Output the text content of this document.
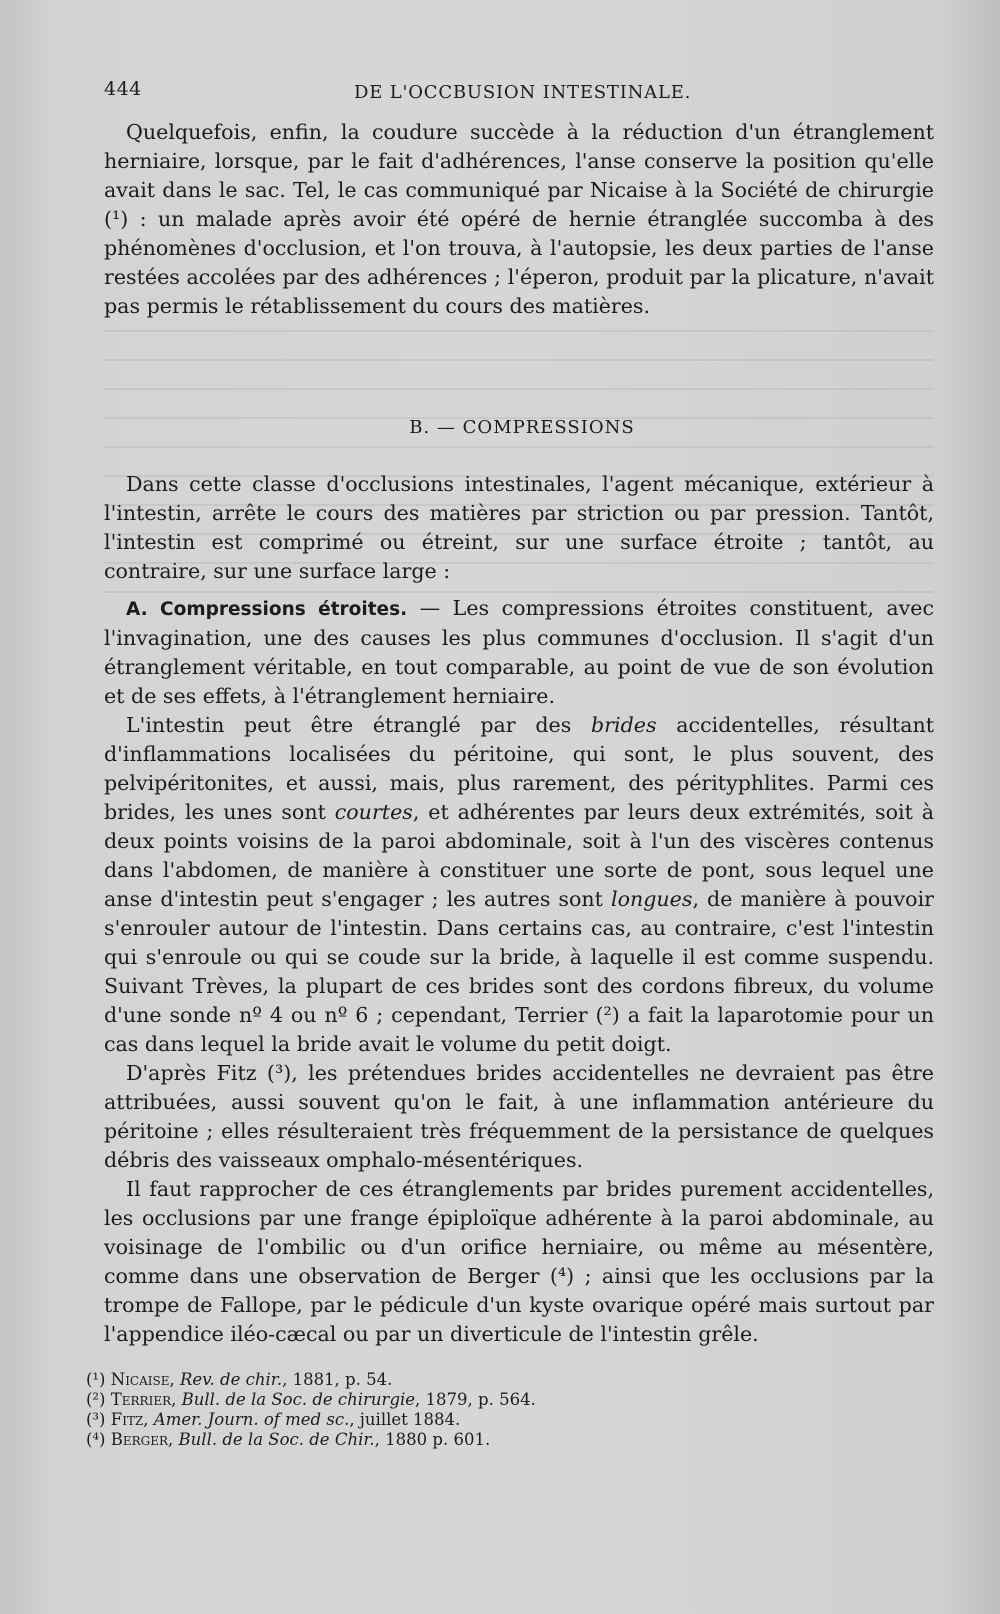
444	DE L'OCCBUSION INTESTINALE.

Quelquefois, enfin, la coudure succède à la réduction d'un étranglement herniaire, lorsque, par le fait d'adhérences, l'anse conserve la position qu'elle avait dans le sac. Tel, le cas communiqué par Nicaise à la Société de chirurgie (¹) : un malade après avoir été opéré de hernie étranglée succomba à des phénomènes d'occlusion, et l'on trouva, à l'autopsie, les deux parties de l'anse restées accolées par des adhérences ; l'éperon, produit par la plicature, n'avait pas permis le rétablissement du cours des matières.

B. — COMPRESSIONS

Dans cette classe d'occlusions intestinales, l'agent mécanique, extérieur à l'intestin, arrête le cours des matières par striction ou par pression. Tantôt, l'intestin est comprimé ou étreint, sur une surface étroite ; tantôt, au contraire, sur une surface large :

A. Compressions étroites. — Les compressions étroites constituent, avec l'invagination, une des causes les plus communes d'occlusion. Il s'agit d'un étranglement véritable, en tout comparable, au point de vue de son évolution et de ses effets, à l'étranglement herniaire.

L'intestin peut être étranglé par des brides accidentelles, résultant d'inflammations localisées du péritoine, qui sont, le plus souvent, des pelvipéritonites, et aussi, mais, plus rarement, des pérityphlites. Parmi ces brides, les unes sont courtes, et adhérentes par leurs deux extrémités, soit à deux points voisins de la paroi abdominale, soit à l'un des viscères contenus dans l'abdomen, de manière à constituer une sorte de pont, sous lequel une anse d'intestin peut s'engager ; les autres sont longues, de manière à pouvoir s'enrouler autour de l'intestin. Dans certains cas, au contraire, c'est l'intestin qui s'enroule ou qui se coude sur la bride, à laquelle il est comme suspendu. Suivant Trèves, la plupart de ces brides sont des cordons fibreux, du volume d'une sonde nº 4 ou nº 6 ; cependant, Terrier (²) a fait la laparotomie pour un cas dans lequel la bride avait le volume du petit doigt.

D'après Fitz (³), les prétendues brides accidentelles ne devraient pas être attribuées, aussi souvent qu'on le fait, à une inflammation antérieure du péritoine ; elles résulteraient très fréquemment de la persistance de quelques débris des vaisseaux omphalo-mésentériques.

Il faut rapprocher de ces étranglements par brides purement accidentelles, les occlusions par une frange épiploïque adhérente à la paroi abdominale, au voisinage de l'ombilic ou d'un orifice herniaire, ou même au mésentère, comme dans une observation de Berger (⁴) ; ainsi que les occlusions par la trompe de Fallope, par le pédicule d'un kyste ovarique opéré mais surtout par l'appendice iléo-cæcal ou par un diverticule de l'intestin grêle.

(¹) Nicaise, Rev. de chir., 1881, p. 54.

(²) Terrier, Bull. de la Soc. de chirurgie, 1879, p. 564.

(³) Fitz, Amer. Journ. of med sc., juillet 1884.

(⁴) Berger, Bull. de la Soc. de Chir., 1880 p. 601.
